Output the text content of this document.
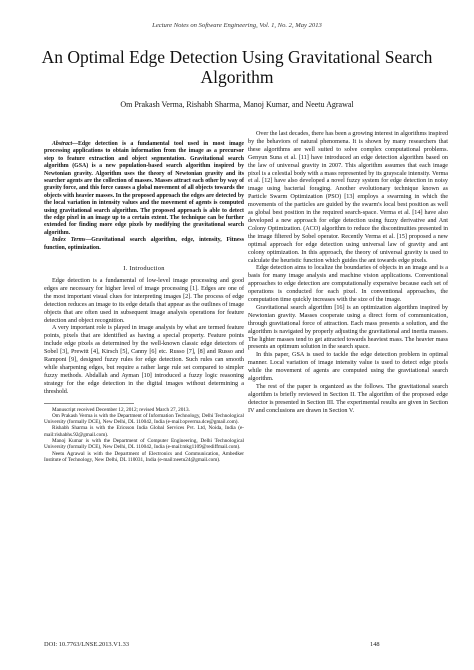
Lecture Notes on Software Engineering, Vol. 1, No. 2, May 2013
An Optimal Edge Detection Using Gravitational Search Algorithm
Om Prakash Verma, Rishabh Sharma, Manoj Kumar, and Neetu Agrawal

Abstract—Edge detection is a fundamental tool used in most image processing applications to obtain information from the image as a precursor step to feature extraction and object segmentation. Gravitational search algorithm (GSA) is a new population-based search algorithm inspired by Newtonian gravity. Algorithm uses the theory of Newtonian gravity and its searcher agents are the collection of masses. Masses attract each other by way of gravity force, and this force causes a global movement of all objects towards the objects with heavier masses. In the proposed approach the edges are detected by the local variation in intensity values and the movement of agents is computed using gravitational search algorithm. The proposed approach is able to detect the edge pixel in an image up to a certain extent. The technique can be further extended for finding more edge pixels by modifying the gravitational search algorithm.

Index Terms—Gravitational search algorithm, edge, intensity, Fitness function, optimization.

I. Introduction

Edge detection is a fundamental of low-level image processing and good edges are necessary for higher level of image processing [1]. Edges are one of the most important visual clues for interpreting images [2]. The process of edge detection reduces an image to its edge details that appear as the outlines of image objects that are often used in subsequent image analysis operations for feature detection and object recognition.

A very important role is played in image analysis by what are termed feature points, pixels that are identified as having a special property. Feature points include edge pixels as determined by the well-known classic edge detectors of Sobel [3], Prewitt [4], Kirsch [5], Canny [6] etc. Russo [7], [8] and Russo and Ramponi [9], designed fuzzy rules for edge detection. Such rules can smooth while sharpening edges, but require a rather large rule set compared to simpler fuzzy methods. Abdallah and Ayman [10] introduced a fuzzy logic reasoning strategy for the edge detection in the digital images without determining a threshold.

Manuscript received December 12, 2012; revised March 27, 2013.

Om Prakash Verma is with the Department of Information Technology, Delhi Technological University (formally DCE), New Delhi, DL 110042, India (e-mail:opverma.dce@gmail.com).

Rishabh Sharma is with the Ericsson India Global Services Pvt. Ltd, Noida, India (e-mail:rishabhs.92@gmail.com).

Manoj Kumar is with the Department of Computer Engineering, Delhi Technological University (formally DCE), New Delhi, DL 110042, India (e-mail:mkg1109@rediffmail.com).

Neetu Agrawal is with the Department of Electronics and Communication, Ambedker Institute of Technology, New Delhi, DL 110031, India (e-mail:neetu24@gmail.com).

Over the last decades, there has been a growing interest in algorithms inspired by the behaviors of natural phenomena. It is shown by many researchers that these algorithms are well suited to solve complex computational problems. Genyun Suna et al. [11] have introduced an edge detection algorithm based on the law of universal gravity in 2007. This algorithm assumes that each image pixel is a celestial body with a mass represented by its grayscale intensity. Verma et al. [12] have also developed a novel fuzzy system for edge detection in noisy image using bacterial foraging. Another evolutionary technique known as Particle Swarm Optimization (PSO) [13] employs a swarming in which the movements of the particles are guided by the swarm's local best position as well as global best position in the required search-space. Verma et al. [14] have also developed a new approach for edge detection using fuzzy derivative and Ant Colony Optimization. (ACO) algorithm to reduce the discontinuities presented in the image filtered by Sobel operator. Recently Verma et al. [15] proposed a new optimal approach for edge detection using universal law of gravity and ant colony optimization. In this approach, the theory of universal gravity is used to calculate the heuristic function which guides the ant towards edge pixels.

Edge detection aims to localize the boundaries of objects in an image and is a basis for many image analysis and machine vision applications. Conventional approaches to edge detection are computationally expensive because each set of operations is conducted for each pixel. In conventional approaches, the computation time quickly increases with the size of the image.

Gravitational search algorithm [16] is an optimization algorithm inspired by Newtonian gravity. Masses cooperate using a direct form of communication, through gravitational force of attraction. Each mass presents a solution, and the algorithm is navigated by properly adjusting the gravitational and inertia masses. The lighter masses tend to get attracted towards heaviest mass. The heavier mass presents an optimum solution in the search space.

In this paper, GSA is used to tackle the edge detection problem in optimal manner. Local variation of image intensity value is used to detect edge pixels while the movement of agents are computed using the gravitational search algorithm.

The rest of the paper is organized as the follows. The gravitational search algorithm is briefly reviewed in Section II. The algorithm of the proposed edge detector is presented in Section III. The experimental results are given in Section IV and conclusions are drawn in Section V.

DOI: 10.7763/LNSE.2013.V1.33	148
